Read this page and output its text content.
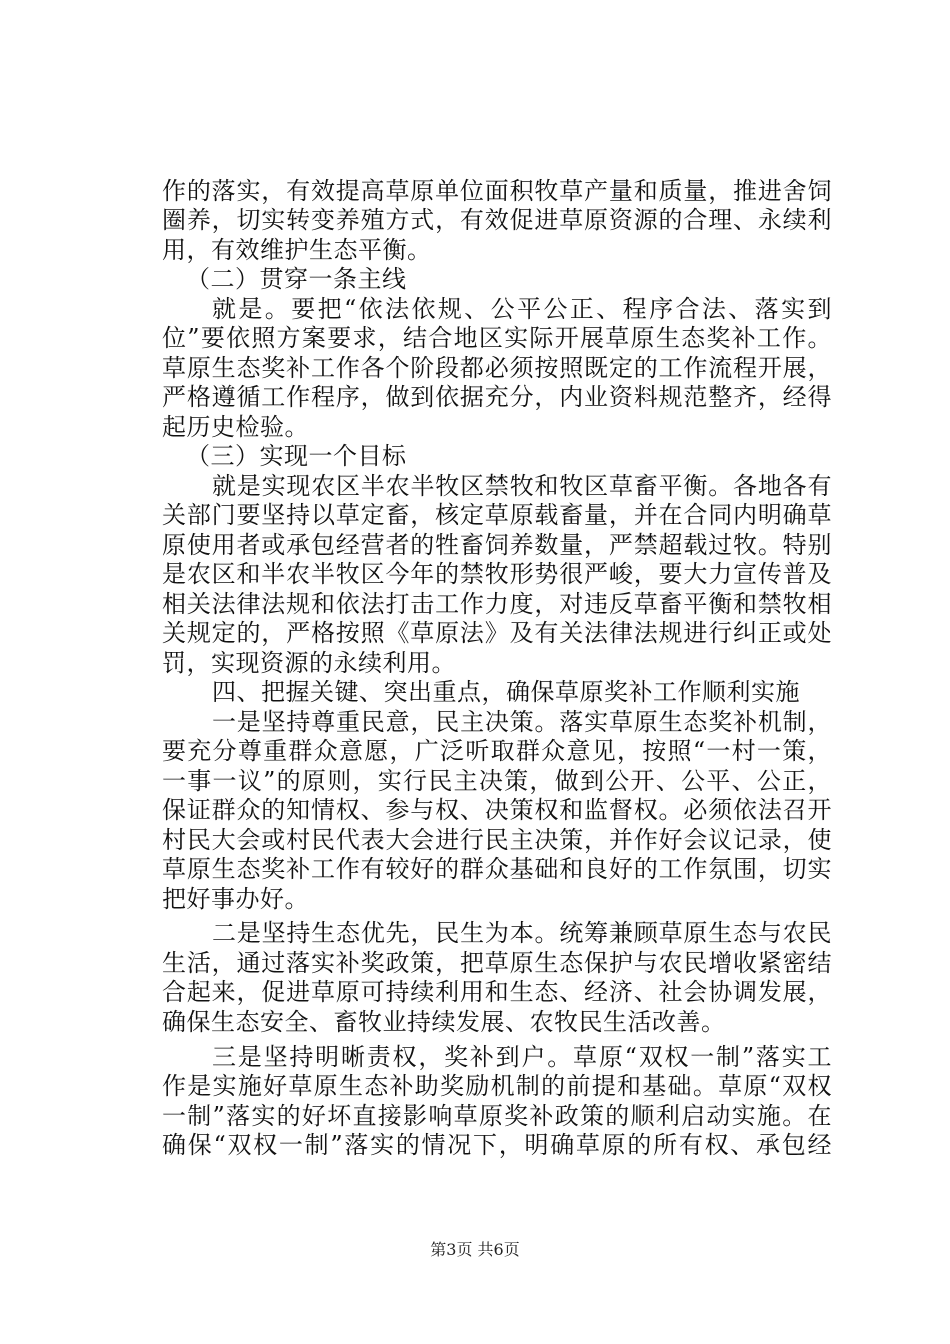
作的落实，有效提高草原单位面积牧草产量和质量，推进舍饲
圈养，切实转变养殖方式，有效促进草原资源的合理、永续利
用，有效维护生态平衡。
（二）贯穿一条主线
就是。要把“依法依规、公平公正、程序合法、落实到
位”要依照方案要求，结合地区实际开展草原生态奖补工作。
草原生态奖补工作各个阶段都必须按照既定的工作流程开展，
严格遵循工作程序，做到依据充分，内业资料规范整齐，经得
起历史检验。
（三）实现一个目标
就是实现农区半农半牧区禁牧和牧区草畜平衡。各地各有
关部门要坚持以草定畜，核定草原载畜量，并在合同内明确草
原使用者或承包经营者的牲畜饲养数量，严禁超载过牧。特别
是农区和半农半牧区今年的禁牧形势很严峻，要大力宣传普及
相关法律法规和依法打击工作力度，对违反草畜平衡和禁牧相
关规定的，严格按照《草原法》及有关法律法规进行纠正或处
罚，实现资源的永续利用。
四、把握关键、突出重点，确保草原奖补工作顺利实施
一是坚持尊重民意，民主决策。落实草原生态奖补机制，
要充分尊重群众意愿，广泛听取群众意见，按照“一村一策，
一事一议”的原则，实行民主决策，做到公开、公平、公正，
保证群众的知情权、参与权、决策权和监督权。必须依法召开
村民大会或村民代表大会进行民主决策，并作好会议记录，使
草原生态奖补工作有较好的群众基础和良好的工作氛围，切实
把好事办好。
二是坚持生态优先，民生为本。统筹兼顾草原生态与农民
生活，通过落实补奖政策，把草原生态保护与农民增收紧密结
合起来，促进草原可持续利用和生态、经济、社会协调发展，
确保生态安全、畜牧业持续发展、农牧民生活改善。
三是坚持明晰责权，奖补到户。草原“双权一制”落实工
作是实施好草原生态补助奖励机制的前提和基础。草原“双权
一制”落实的好坏直接影响草原奖补政策的顺利启动实施。在
确保“双权一制”落实的情况下，明确草原的所有权、承包经
第3页 共6页
